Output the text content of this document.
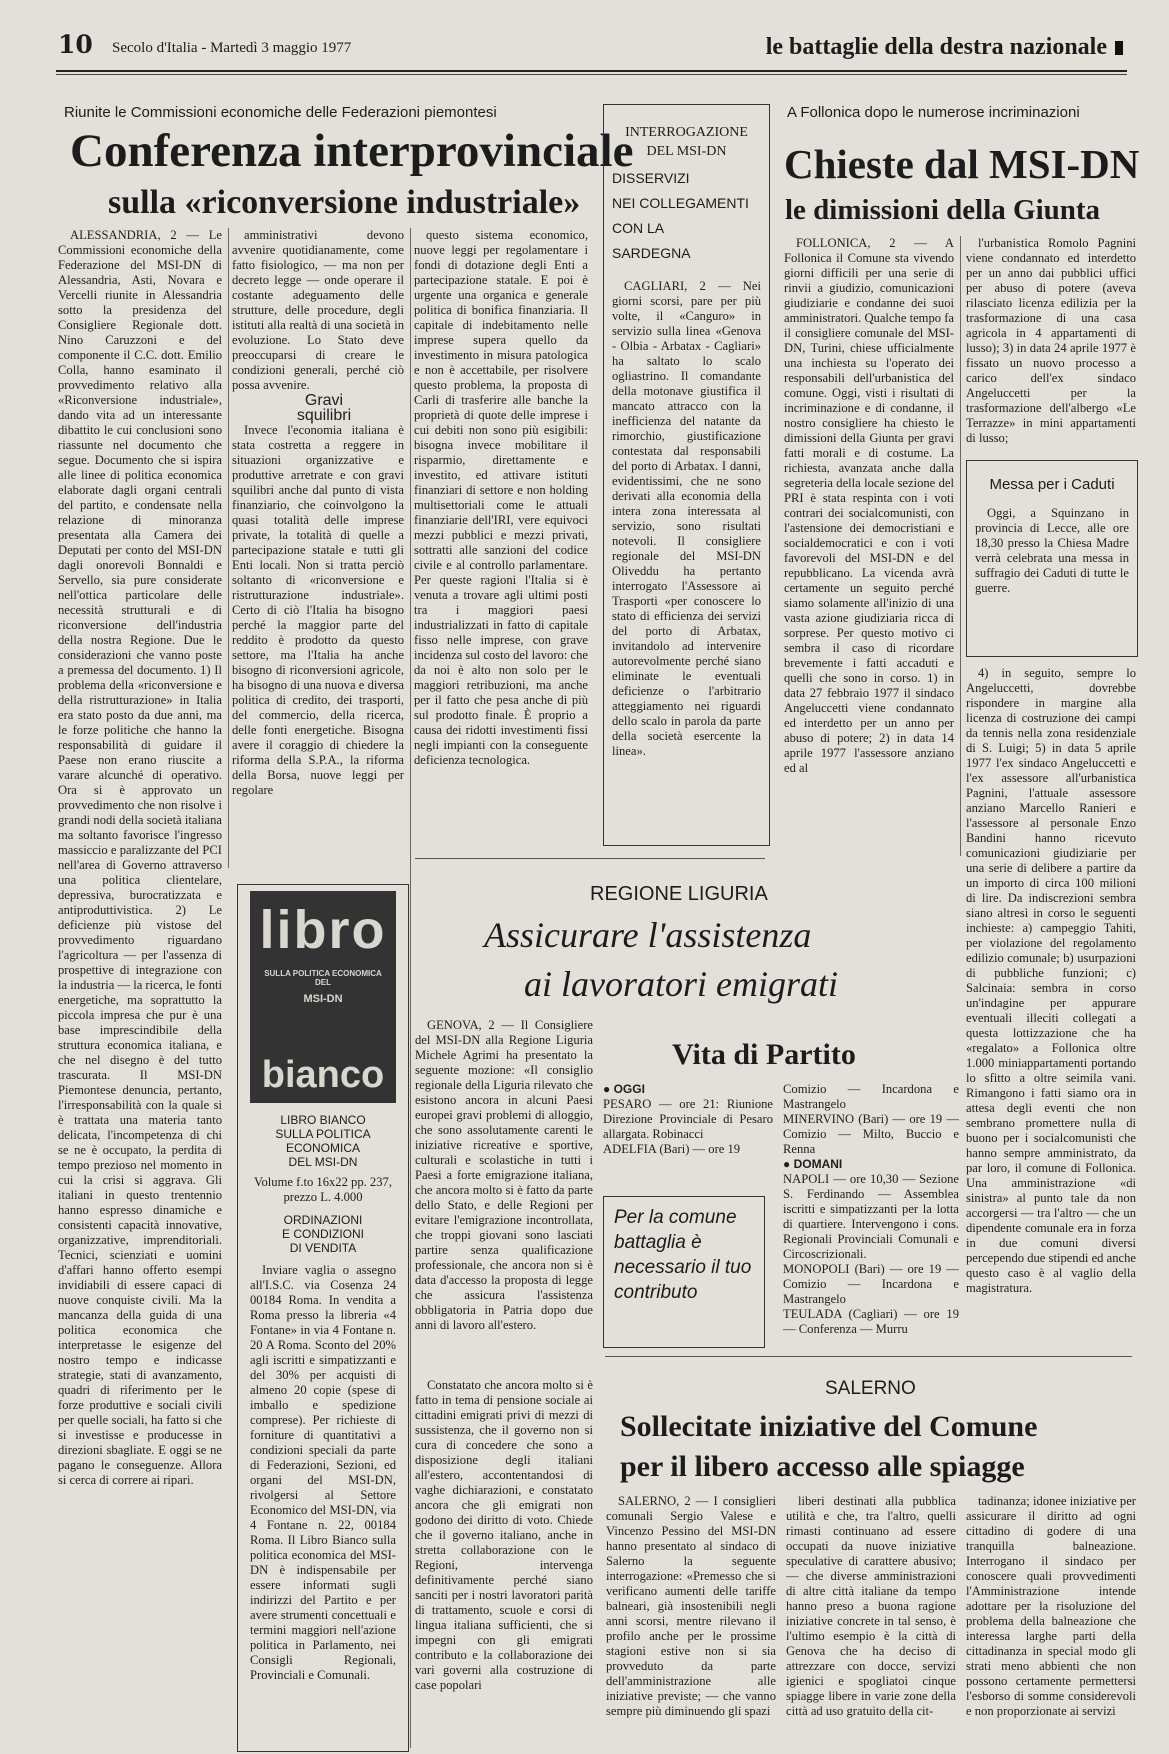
10 Secolo d'Italia - Martedì 3 maggio 1977	le battaglie della destra nazionale
Riunite le Commissioni economiche delle Federazioni piemontesi
Conferenza interprovinciale
sulla «riconversione industriale»

ALESSANDRIA, 2 — Le Commissioni economiche della Federazione del MSI-DN di Alessandria, Asti, Novara e Vercelli riunite in Alessandria sotto la presidenza del Consigliere Regionale dott. Nino Caruzzoni e del componente il C.C. dott. Emilio Colla, hanno esaminato il provvedimento relativo alla «Riconversione industriale», dando vita ad un interessante dibattito le cui conclusioni sono riassunte nel documento che segue. Documento che si ispira alle linee di politica economica elaborate dagli organi centrali del partito, e condensate nella relazione di minoranza presentata alla Camera dei Deputati per conto del MSI-DN dagli onorevoli Bonnaldi e Servello, sia pure considerate nell'ottica particolare delle necessità strutturali e di riconversione dell'industria della nostra Regione. Due le considerazioni che vanno poste a premessa del documento. 1) Il problema della «riconversione e della ristrutturazione» in Italia era stato posto da due anni, ma le forze politiche che hanno la responsabilità di guidare il Paese non erano riuscite a varare alcunché di operativo. Ora si è approvato un provvedimento che non risolve i grandi nodi della società italiana ma soltanto favorisce l'ingresso massiccio e paralizzante del PCI nell'area di Governo attraverso una politica clientelare, depressiva, burocratizzata e antiproduttivistica. 2) Le deficienze più vistose del provvedimento riguardano l'agricoltura — per l'assenza di prospettive di integrazione con la industria — la ricerca, le fonti energetiche, ma soprattutto la piccola impresa che pur è una base imprescindibile della struttura economica italiana, e che nel disegno è del tutto trascurata. Il MSI-DN Piemontese denuncia, pertanto, l'irresponsabilità con la quale si è trattata una materia tanto delicata, l'incompetenza di chi se ne è occupato, la perdita di tempo prezioso nel momento in cui la crisi si aggrava. Gli italiani in questo trentennio hanno espresso dinamiche e consistenti capacità innovative, organizzative, imprenditoriali. Tecnici, scienziati e uomini d'affari hanno offerto esempi invidiabili di essere capaci di nuove conquiste civili. Ma la mancanza della guida di una politica economica che interpretasse le esigenze del nostro tempo e indicasse strategie, stati di avanzamento, quadri di riferimento per le forze produttive e sociali civili per quelle sociali, ha fatto si che si investisse e producesse in direzioni sbagliate. E oggi se ne pagano le conseguenze. Allora si cerca di correre ai ripari.

amministrativi devono avvenire quotidianamente, come fatto fisiologico, — ma non per decreto legge — onde operare il costante adeguamento delle strutture, delle procedure, degli istituti alla realtà di una società in evoluzione. Lo Stato deve preoccuparsi di creare le condizioni generali, perché ciò possa avvenire.

Gravi

squilibri

Invece l'economia italiana è stata costretta a reggere in situazioni organizzative e produttive arretrate e con gravi squilibri anche dal punto di vista finanziario, che coinvolgono la quasi totalità delle imprese private, la totalità di quelle a partecipazione statale e tutti gli Enti locali. Non si tratta perciò soltanto di «riconversione e ristrutturazione industriale». Certo di ciò l'Italia ha bisogno perché la maggior parte del reddito è prodotto da questo settore, ma l'Italia ha anche bisogno di riconversioni agricole, ha bisogno di una nuova e diversa politica di credito, dei trasporti, del commercio, della ricerca, delle fonti energetiche. Bisogna avere il coraggio di chiedere la riforma della S.P.A., la riforma della Borsa, nuove leggi per regolare

questo sistema economico, nuove leggi per regolamentare i fondi di dotazione degli Enti a partecipazione statale. E poi è urgente una organica e generale politica di bonifica finanziaria. Il capitale di indebitamento nelle imprese supera quello da investimento in misura patologica e non è accettabile, per risolvere questo problema, la proposta di Carli di trasferire alle banche la proprietà di quote delle imprese i cui debiti non sono più esigibili: bisogna invece mobilitare il risparmio, direttamente e investito, ed attivare istituti finanziari di settore e non holding multisettoriali come le attuali finanziarie dell'IRI, vere equivoci mezzi pubblici e mezzi privati, sottratti alle sanzioni del codice civile e al controllo parlamentare. Per queste ragioni l'Italia si è venuta a trovare agli ultimi posti tra i maggiori paesi industrializzati in fatto di capitale fisso nelle imprese, con grave incidenza sul costo del lavoro: che da noi è alto non solo per le maggiori retribuzioni, ma anche per il fatto che pesa anche di più sul prodotto finale. È proprio a causa dei ridotti investimenti fissi negli impianti con la conseguente deficienza tecnologica.

INTERROGAZIONE
DEL MSI-DN
DISSERVIZI
NEI COLLEGAMENTI
CON LA
SARDEGNA

CAGLIARI, 2 — Nei giorni scorsi, pare per più volte, il «Canguro» in servizio sulla linea «Genova - Olbia - Arbatax - Cagliari» ha saltato lo scalo ogliastrino. Il comandante della motonave giustifica il mancato attracco con la inefficienza del natante da rimorchio, giustificazione contestata dal responsabili del porto di Arbatax. I danni, evidentissimi, che ne sono derivati alla economia della intera zona interessata al servizio, sono risultati notevoli. Il consigliere regionale del MSI-DN Oliveddu ha pertanto interrogato l'Assessore ai Trasporti «per conoscere lo stato di efficienza dei servizi del porto di Arbatax, invitandolo ad intervenire autorevolmente perché siano eliminate le eventuali deficienze o l'arbitrario atteggiamento nei riguardi dello scalo in parola da parte della società esercente la linea».

A Follonica dopo le numerose incriminazioni
Chieste dal MSI-DN
le dimissioni della Giunta

FOLLONICA, 2 — A Follonica il Comune sta vivendo giorni difficili per una serie di rinvii a giudizio, comunicazioni giudiziarie e condanne dei suoi amministratori. Qualche tempo fa il consigliere comunale del MSI-DN, Turini, chiese ufficialmente una inchiesta su l'operato dei responsabili dell'urbanistica del comune. Oggi, visti i risultati di incriminazione e di condanne, il nostro consigliere ha chiesto le dimissioni della Giunta per gravi fatti morali e di costume. La richiesta, avanzata anche dalla segreteria della locale sezione del PRI è stata respinta con i voti contrari dei socialcomunisti, con l'astensione dei democristiani e socialdemocratici e con i voti favorevoli del MSI-DN e del repubblicano. La vicenda avrà certamente un seguito perché siamo solamente all'inizio di una vasta azione giudiziaria ricca di sorprese. Per questo motivo ci sembra il caso di ricordare brevemente i fatti accaduti e quelli che sono in corso. 1) in data 27 febbraio 1977 il sindaco Angeluccetti viene condannato ed interdetto per un anno per abuso di potere; 2) in data 14 aprile 1977 l'assessore anziano ed al

l'urbanistica Romolo Pagnini viene condannato ed interdetto per un anno dai pubblici uffici per abuso di potere (aveva rilasciato licenza edilizia per la trasformazione di una casa agricola in 4 appartamenti di lusso); 3) in data 24 aprile 1977 è fissato un nuovo processo a carico dell'ex sindaco Angeluccetti per la trasformazione dell'albergo «Le Terrazze» in mini appartamenti di lusso;

Messa per i Caduti

Oggi, a Squinzano in provincia di Lecce, alle ore 18,30 presso la Chiesa Madre verrà celebrata una messa in suffragio dei Caduti di tutte le guerre.

4) in seguito, sempre lo Angeluccetti, dovrebbe rispondere in margine alla licenza di costruzione dei campi da tennis nella zona residenziale di S. Luigi; 5) in data 5 aprile 1977 l'ex sindaco Angeluccetti e l'ex assessore all'urbanistica Pagnini, l'attuale assessore anziano Marcello Ranieri e l'assessore al personale Enzo Bandini hanno ricevuto comunicazioni giudiziarie per una serie di delibere a partire da un importo di circa 100 milioni di lire. Da indiscrezioni sembra siano altresì in corso le seguenti inchieste: a) campeggio Tahiti, per violazione del regolamento edilizio comunale; b) usurpazioni di pubbliche funzioni; c) Salcinaia: sembra in corso un'indagine per appurare eventuali illeciti collegati a questa lottizzazione che ha «regalato» a Follonica oltre 1.000 miniappartamenti portando lo sfitto a oltre seimila vani. Rimangono i fatti siamo ora in attesa degli eventi che non sembrano promettere nulla di buono per i socialcomunisti che hanno sempre amministrato, da par loro, il comune di Follonica. Una amministrazione «di sinistra» al punto tale da non accorgersi — tra l'altro — che un dipendente comunale era in forza in due comuni diversi percependo due stipendi ed anche questo caso è al vaglio della magistratura.

libro
SULLA POLITICA ECONOMICA DEL
MSI-DN
bianco
LIBRO BIANCO
SULLA POLITICA
ECONOMICA
DEL MSI-DN

Volume f.to 16x22 pp. 237, prezzo L. 4.000

ORDINAZIONI
E CONDIZIONI
DI VENDITA

Inviare vaglia o assegno all'I.S.C. via Cosenza 24 00184 Roma. In vendita a Roma presso la libreria «4 Fontane» in via 4 Fontane n. 20 A Roma. Sconto del 20% agli iscritti e simpatizzanti e del 30% per acquisti di almeno 20 copie (spese di imballo e spedizione comprese). Per richieste di forniture di quantitativi a condizioni speciali da parte di Federazioni, Sezioni, ed organi del MSI-DN, rivolgersi al Settore Economico del MSI-DN, via 4 Fontane n. 22, 00184 Roma. Il Libro Bianco sulla politica economica del MSI-DN è indispensabile per essere informati sugli indirizzi del Partito e per avere strumenti concettuali e termini maggiori nell'azione politica in Parlamento, nei Consigli Regionali, Provinciali e Comunali.

REGIONE LIGURIA
Assicurare l'assistenza
ai lavoratori emigrati

GENOVA, 2 — Il Consigliere del MSI-DN alla Regione Liguria Michele Agrimi ha presentato la seguente mozione: «Il consiglio regionale della Liguria rilevato che esistono ancora in alcuni Paesi europei gravi problemi di alloggio, che sono assolutamente carenti le iniziative ricreative e sportive, culturali e scolastiche in tutti i Paesi a forte emigrazione italiana, che ancora molto si è fatto da parte dello Stato, e delle Regioni per evitare l'emigrazione incontrollata, che troppi giovani sono lasciati partire senza qualificazione professionale, che ancora non si è data d'accesso la proposta di legge che assicura l'assistenza obbligatoria in Patria dopo due anni di lavoro all'estero.

Constatato che ancora molto si è fatto in tema di pensione sociale ai cittadini emigrati privi di mezzi di sussistenza, che il governo non si cura di concedere che sono a disposizione degli italiani all'estero, accontentandosi di vaghe dichiarazioni, e constatato ancora che gli emigrati non godono dei diritto di voto. Chiede che il governo italiano, anche in stretta collaborazione con le Regioni, intervenga definitivamente perché siano sanciti per i nostri lavoratori parità di trattamento, scuole e corsi di lingua italiana sufficienti, che si impegni con gli emigrati contributo e la collaborazione dei vari governi alla costruzione di case popolari

Vita di Partito

● OGGI

PESARO — ore 21: Riunione Direzione Provinciale di Pesaro allargata. Robinacci

ADELFIA (Bari) — ore 19

Per la comune battaglia è necessario il tuo contributo

Comizio — Incardona e Mastrangelo

MINERVINO (Bari) — ore 19 — Comizio — Milto, Buccio e Renna

● DOMANI

NAPOLI — ore 10,30 — Sezione S. Ferdinando — Assemblea iscritti e simpatizzanti per la lotta di quartiere. Intervengono i cons. Regionali Provinciali Comunali e Circoscrizionali.

MONOPOLI (Bari) — ore 19 — Comizio — Incardona e Mastrangelo

TEULADA (Cagliari) — ore 19 — Conferenza — Murru

SALERNO
Sollecitate iniziative del Comune
per il libero accesso alle spiagge

SALERNO, 2 — I consiglieri comunali Sergio Valese e Vincenzo Pessino del MSI-DN hanno presentato al sindaco di Salerno la seguente interrogazione: «Premesso che si verificano aumenti delle tariffe balneari, già insostenibili negli anni scorsi, mentre rilevano il profilo anche per le prossime stagioni estive non si sia provveduto da parte dell'amministrazione alle iniziative previste; — che vanno sempre più diminuendo gli spazi

liberi destinati alla pubblica utilità e che, tra l'altro, quelli rimasti continuano ad essere occupati da nuove iniziative speculative di carattere abusivo; — che diverse amministrazioni di altre città italiane da tempo hanno preso a buona ragione iniziative concrete in tal senso, è l'ultimo esempio è la città di Genova che ha deciso di attrezzare con docce, servizi igienici e spogliatoi cinque spiagge libere in varie zone della città ad uso gratuito della cit-

tadinanza; idonee iniziative per assicurare il diritto ad ogni cittadino di godere di una tranquilla balneazione. Interrogano il sindaco per conoscere quali provvedimenti l'Amministrazione intende adottare per la risoluzione del problema della balneazione che interessa larghe parti della cittadinanza in special modo gli strati meno abbienti che non possono certamente permettersi l'esborso di somme considerevoli e non proporzionate ai servizi
